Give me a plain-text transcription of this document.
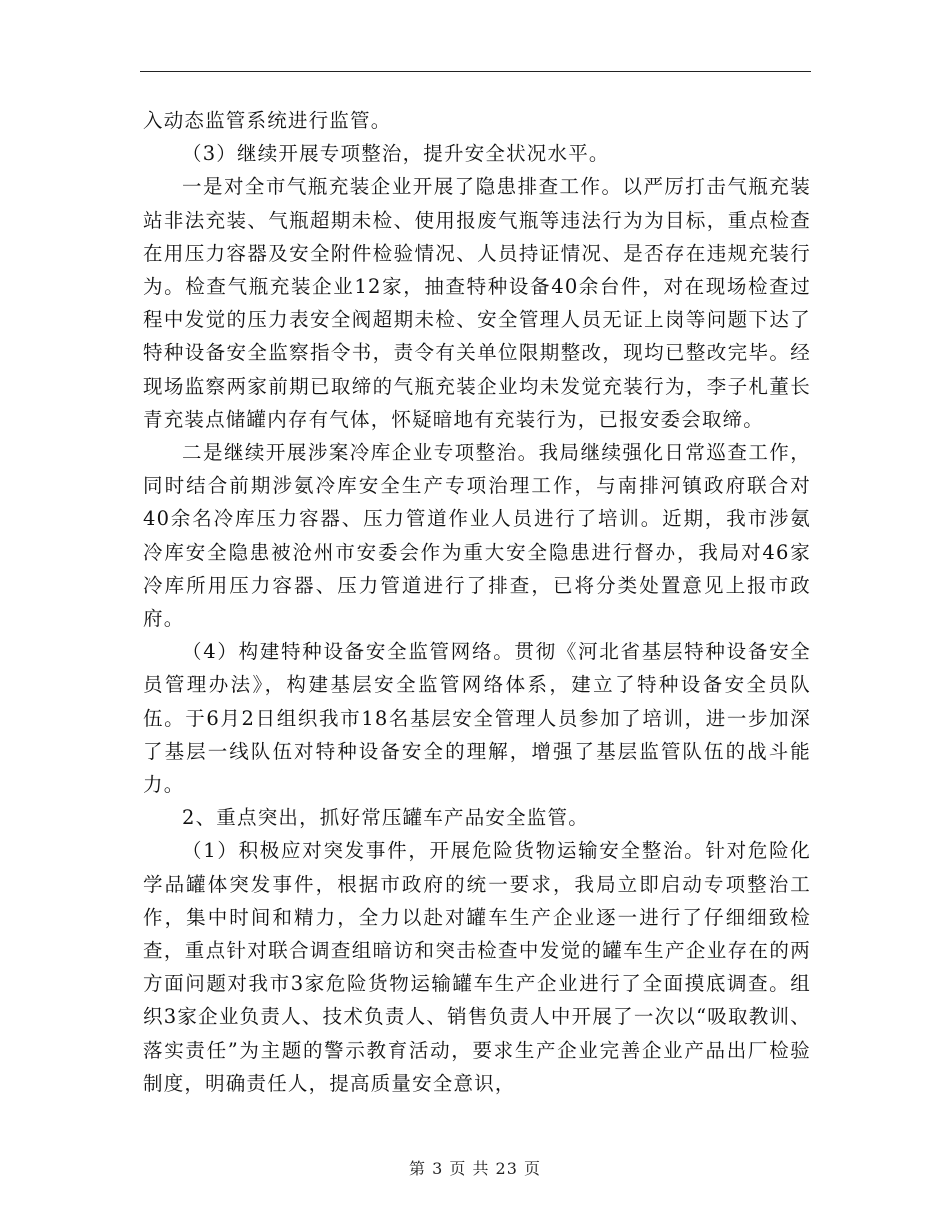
入动态监管系统进行监管。

（3）继续开展专项整治，提升安全状况水平。

一是对全市气瓶充装企业开展了隐患排查工作。以严厉打击气瓶充装站非法充装、气瓶超期未检、使用报废气瓶等违法行为为目标，重点检查在用压力容器及安全附件检验情况、人员持证情况、是否存在违规充装行为。检查气瓶充装企业12家，抽查特种设备40余台件，对在现场检查过程中发觉的压力表安全阀超期未检、安全管理人员无证上岗等问题下达了特种设备安全监察指令书，责令有关单位限期整改，现均已整改完毕。经现场监察两家前期已取缔的气瓶充装企业均未发觉充装行为，李子札董长青充装点储罐内存有气体，怀疑暗地有充装行为，已报安委会取缔。

二是继续开展涉案冷库企业专项整治。我局继续强化日常巡查工作，同时结合前期涉氨冷库安全生产专项治理工作，与南排河镇政府联合对40余名冷库压力容器、压力管道作业人员进行了培训。近期，我市涉氨冷库安全隐患被沧州市安委会作为重大安全隐患进行督办，我局对46家冷库所用压力容器、压力管道进行了排查，已将分类处置意见上报市政府。

（4）构建特种设备安全监管网络。贯彻《河北省基层特种设备安全员管理办法》，构建基层安全监管网络体系，建立了特种设备安全员队伍。于6月2日组织我市18名基层安全管理人员参加了培训，进一步加深了基层一线队伍对特种设备安全的理解，增强了基层监管队伍的战斗能力。

2、重点突出，抓好常压罐车产品安全监管。

（1）积极应对突发事件，开展危险货物运输安全整治。针对危险化学品罐体突发事件，根据市政府的统一要求，我局立即启动专项整治工作，集中时间和精力，全力以赴对罐车生产企业逐一进行了仔细细致检查，重点针对联合调查组暗访和突击检查中发觉的罐车生产企业存在的两方面问题对我市3家危险货物运输罐车生产企业进行了全面摸底调查。组织3家企业负责人、技术负责人、销售负责人中开展了一次以“吸取教训、落实责任”为主题的警示教育活动，要求生产企业完善企业产品出厂检验制度，明确责任人，提高质量安全意识，

第 3 页 共 23 页
